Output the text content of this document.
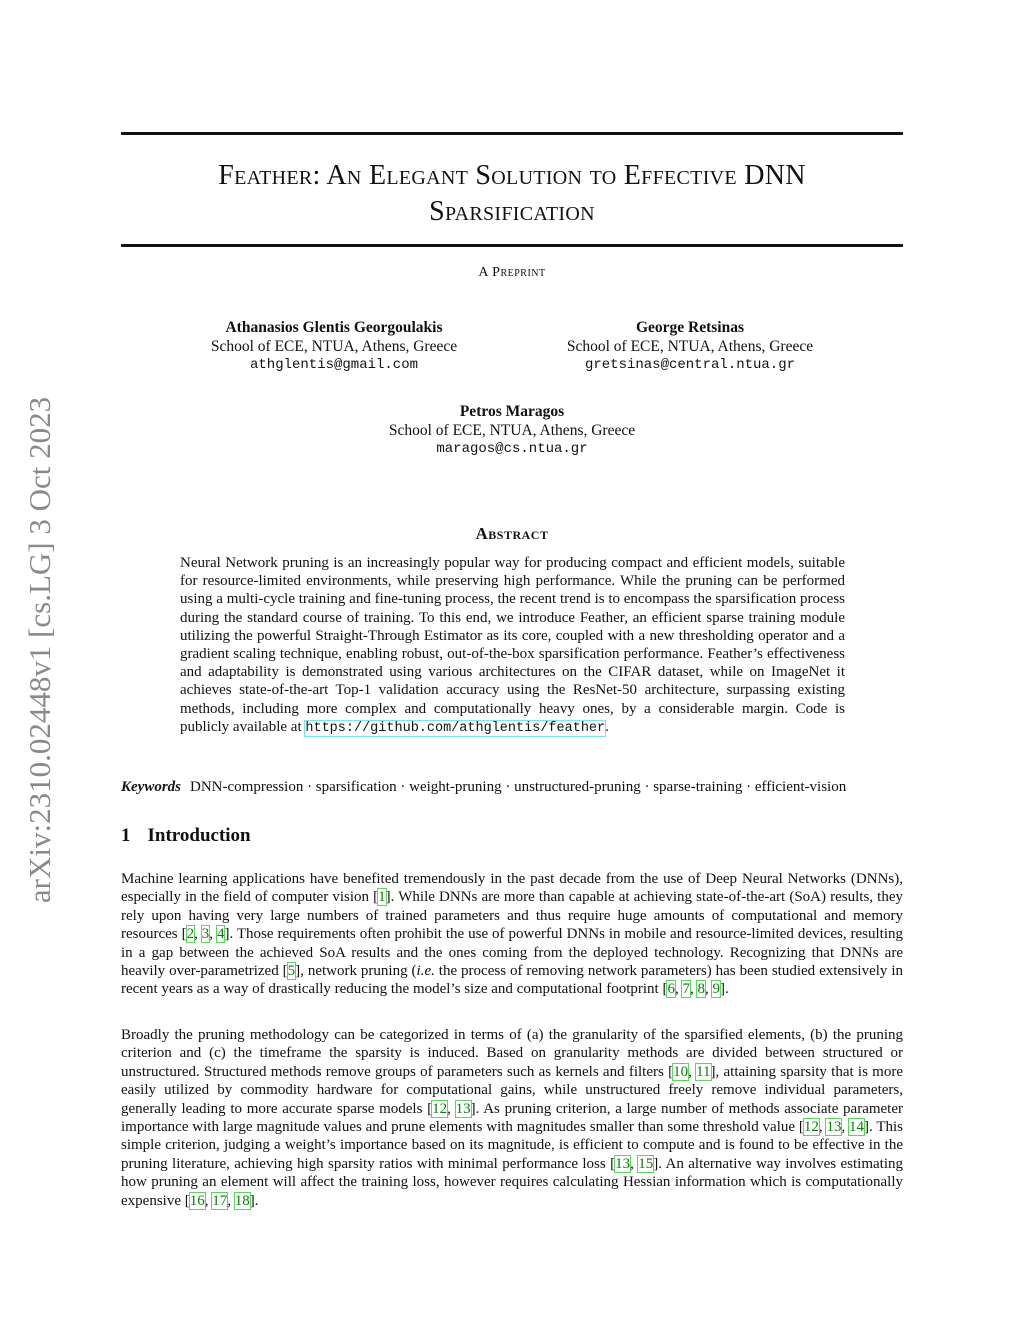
arXiv:2310.02448v1 [cs.LG] 3 Oct 2023
Feather: An Elegant Solution to Effective DNN
Sparsification
A Preprint
Athanasios Glentis Georgoulakis
School of ECE, NTUA, Athens, Greece
athglentis@gmail.com
George Retsinas
School of ECE, NTUA, Athens, Greece
gretsinas@central.ntua.gr
Petros Maragos
School of ECE, NTUA, Athens, Greece
maragos@cs.ntua.gr
Abstract
Neural Network pruning is an increasingly popular way for producing compact and efficient models, suitable for resource-limited environments, while preserving high performance. While the pruning can be performed using a multi-cycle training and fine-tuning process, the recent trend is to encompass the sparsification process during the standard course of training. To this end, we introduce Feather, an efficient sparse training module utilizing the powerful Straight-Through Estimator as its core, coupled with a new thresholding operator and a gradient scaling technique, enabling robust, out-of-the-box sparsification performance. Feather’s effectiveness and adaptability is demonstrated using various architectures on the CIFAR dataset, while on ImageNet it achieves state-of-the-art Top-1 validation accuracy using the ResNet-50 architecture, surpassing existing methods, including more complex and computationally heavy ones, by a considerable margin. Code is publicly available at https://github.com/athglentis/feather.
Keywords DNN-compression · sparsification · weight-pruning · unstructured-pruning · sparse-training · efficient-vision
1 Introduction
Machine learning applications have benefited tremendously in the past decade from the use of Deep Neural Networks (DNNs), especially in the field of computer vision [1]. While DNNs are more than capable at achieving state-of-the-art (SoA) results, they rely upon having very large numbers of trained parameters and thus require huge amounts of computational and memory resources [2, 3, 4]. Those requirements often prohibit the use of powerful DNNs in mobile and resource-limited devices, resulting in a gap between the achieved SoA results and the ones coming from the deployed technology. Recognizing that DNNs are heavily over-parametrized [5], network pruning (i.e. the process of removing network parameters) has been studied extensively in recent years as a way of drastically reducing the model’s size and computational footprint [6, 7, 8, 9].
Broadly the pruning methodology can be categorized in terms of (a) the granularity of the sparsified elements, (b) the pruning criterion and (c) the timeframe the sparsity is induced. Based on granularity methods are divided between structured or unstructured. Structured methods remove groups of parameters such as kernels and filters [10, 11], attaining sparsity that is more easily utilized by commodity hardware for computational gains, while unstructured freely remove individual parameters, generally leading to more accurate sparse models [12, 13]. As pruning criterion, a large number of methods associate parameter importance with large magnitude values and prune elements with magnitudes smaller than some threshold value [12, 13, 14]. This simple criterion, judging a weight’s importance based on its magnitude, is efficient to compute and is found to be effective in the pruning literature, achieving high sparsity ratios with minimal performance loss [13, 15]. An alternative way involves estimating how pruning an element will affect the training loss, however requires calculating Hessian information which is computationally expensive [16, 17, 18].
